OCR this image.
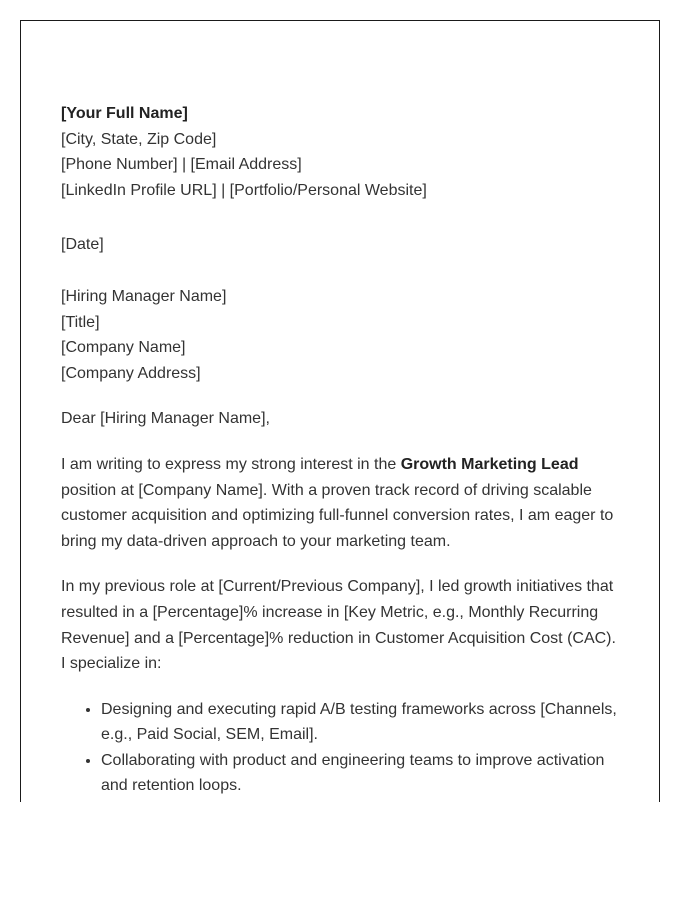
[Your Full Name]
[City, State, Zip Code]
[Phone Number] | [Email Address]
[LinkedIn Profile URL] | [Portfolio/Personal Website]
[Date]
[Hiring Manager Name]
[Title]
[Company Name]
[Company Address]

Dear [Hiring Manager Name],

I am writing to express my strong interest in the Growth Marketing Lead position at [Company Name]. With a proven track record of driving scalable customer acquisition and optimizing full-funnel conversion rates, I am eager to bring my data-driven approach to your marketing team.

In my previous role at [Current/Previous Company], I led growth initiatives that resulted in a [Percentage]% increase in [Key Metric, e.g., Monthly Recurring Revenue] and a [Percentage]% reduction in Customer Acquisition Cost (CAC). I specialize in:

• Designing and executing rapid A/B testing frameworks across [Channels, e.g., Paid Social, SEM, Email].
• Collaborating with product and engineering teams to improve activation and retention loops.
